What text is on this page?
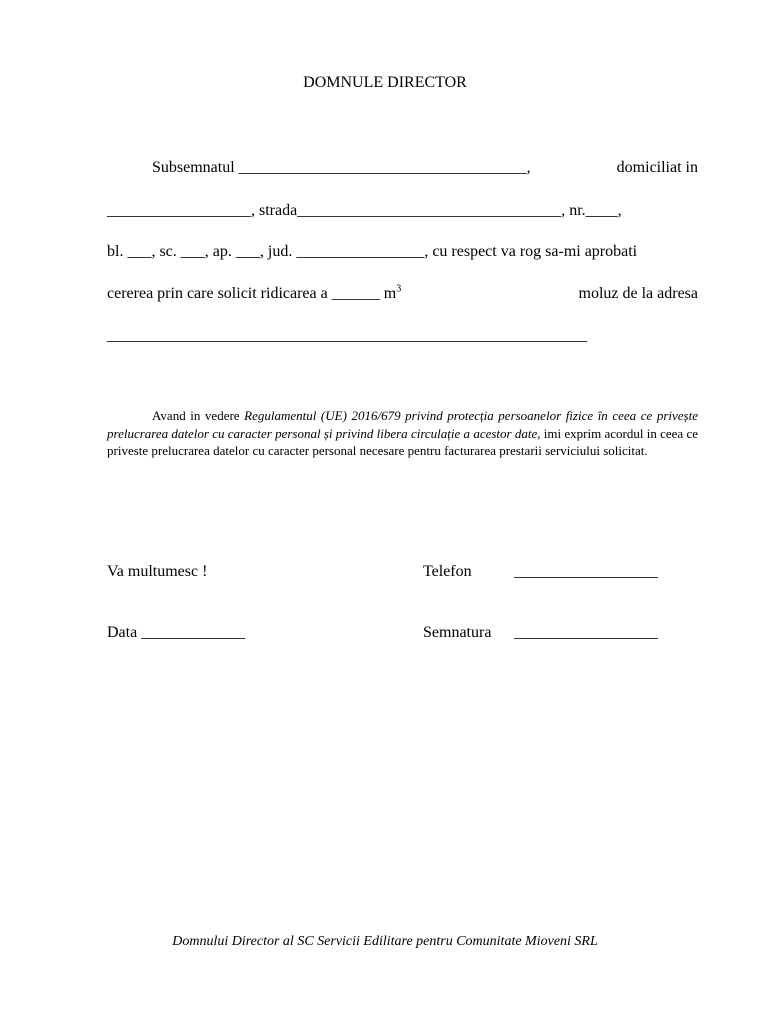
DOMNULE DIRECTOR
Subsemnatul ____________________________________,	domiciliat in
__________________, strada_________________________________, nr.____,
bl. ___, sc. ___, ap. ___, jud. ________________, cu respect va rog sa-mi aprobati
cererea prin care solicit ridicarea a ______ $m^3$	moluz de la adresa
____________________________________________________________
Avand in vedere Regulamentul (UE) 2016/679 privind protecția persoanelor fizice în ceea ce privește prelucrarea datelor cu caracter personal și privind libera circulație a acestor date, imi exprim acordul in ceea ce priveste prelucrarea datelor cu caracter personal necesare pentru facturarea prestarii serviciului solicitat.
Va multumesc !	Telefon	__________________
Data _____________	Semnatura __________________
Domnului Director al SC Servicii Edilitare pentru Comunitate Mioveni SRL
